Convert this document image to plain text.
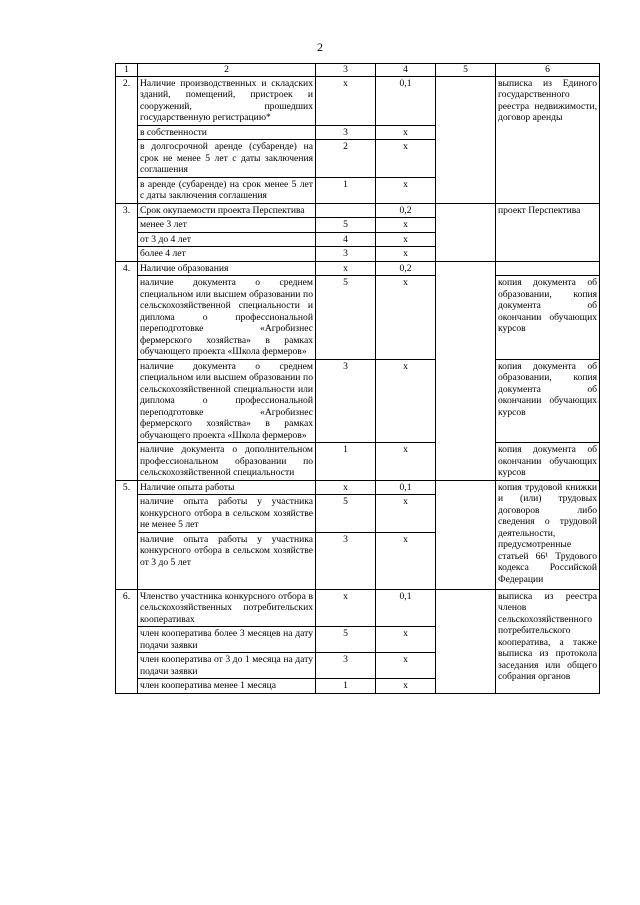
2
1	2	3	4	5	6
2.	Наличие производственных и складских зданий, помещений, пристроек и сооружений, прошедших государственную регистрацию*	х	0,1		выписка из Единого государственного реестра недвижимости, договор аренды
	в собственности	3	х		
	в долгосрочной аренде (субаренде) на срок не менее 5 лет с даты заключения соглашения	2	х		
	в аренде (субаренде) на срок менее 5 лет с даты заключения соглашения	1	х		
3.	Срок окупаемости проекта Перспектива		0,2		проект Перспектива
	менее 3 лет	5	х		
	от 3 до 4 лет	4	х		
	более 4 лет	3	х		
4.	Наличие образования	х	0,2		
	наличие документа о среднем специальном или высшем образовании по сельскохозяйственной специальности и диплома о профессиональной переподготовке «Агробизнес фермерского хозяйства» в рамках обучающего проекта «Школа фермеров»	5	х		копия документа об образовании, копия документа об окончании обучающих курсов
	наличие документа о среднем специальном или высшем образовании по сельскохозяйственной специальности или диплома о профессиональной переподготовке «Агробизнес фермерского хозяйства» в рамках обучающего проекта «Школа фермеров»	3	х		копия документа об образовании, копия документа об окончании обучающих курсов
	наличие документа о дополнительном профессиональном образовании по сельскохозяйственной специальности	1	х		копия документа об окончании обучающих курсов
5.	Наличие опыта работы	х	0,1		копия трудовой книжки и (или) трудовых договоров либо сведения о трудовой деятельности, предусмотренные статьей 66¹ Трудового кодекса Российской Федерации
	наличие опыта работы у участника конкурсного отбора в сельском хозяйстве не менее 5 лет	5	х		
	наличие опыта работы у участника конкурсного отбора в сельском хозяйстве от 3 до 5 лет	3	х		
6.	Членство участника конкурсного отбора в сельскохозяйственных потребительских кооперативах	х	0,1		выписка из реестра членов сельскохозяйственного потребительского кооператива, а также выписка из протокола заседания или общего собрания органов
	член кооператива более 3 месяцев на дату подачи заявки	5	х		
	член кооператива от 3 до 1 месяца на дату подачи заявки	3	х		
	член кооператива менее 1 месяца	1	х		
